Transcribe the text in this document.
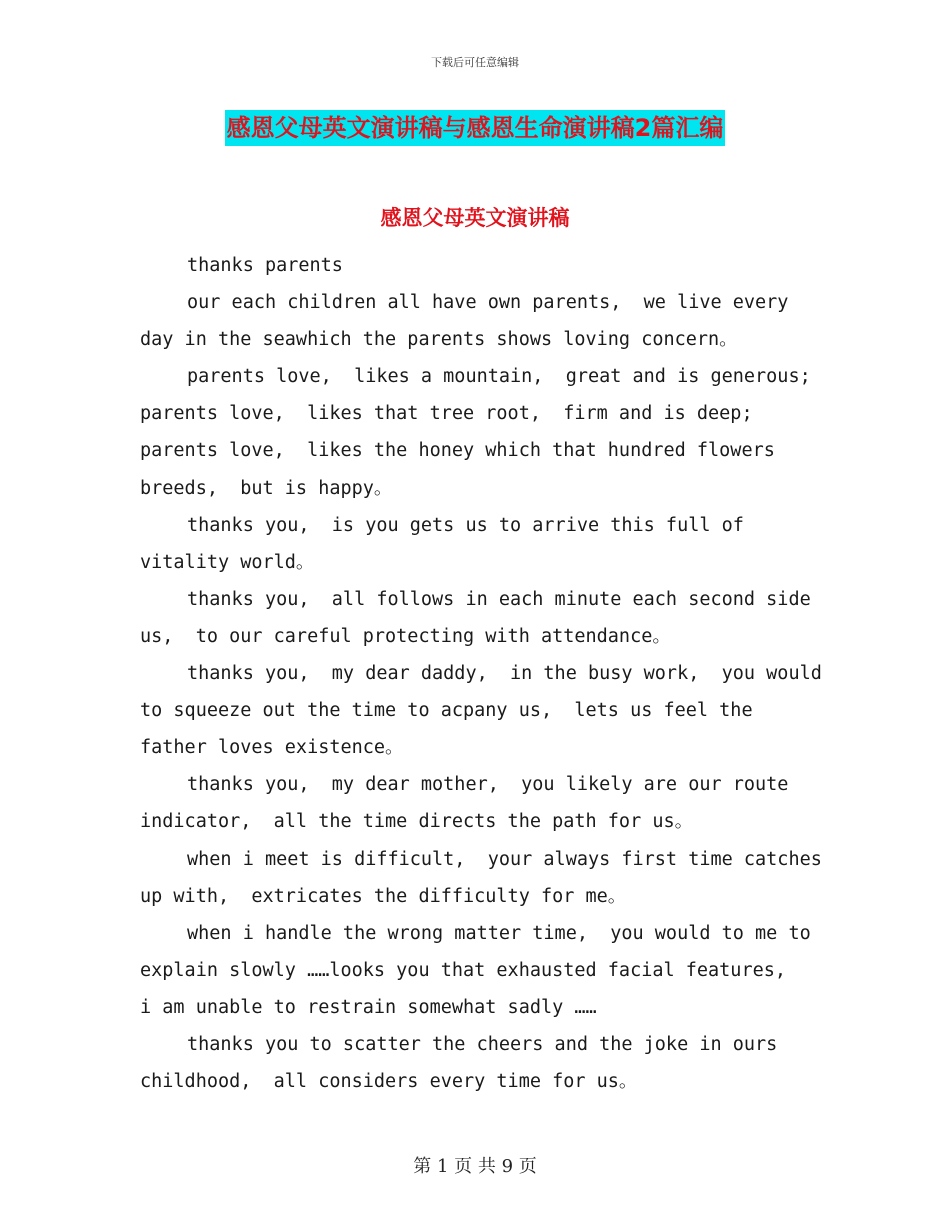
下载后可任意编辑
感恩父母英文演讲稿与感恩生命演讲稿2篇汇编
感恩父母英文演讲稿
thanks parents
our each children all have own parents,  we live every
day in the seawhich the parents shows loving concern。
parents love,  likes a mountain,  great and is generous;
parents love,  likes that tree root,  firm and is deep;
parents love,  likes the honey which that hundred flowers
breeds,  but is happy。
thanks you,  is you gets us to arrive this full of
vitality world。
thanks you,  all follows in each minute each second side
us,  to our careful protecting with attendance。
thanks you,  my dear daddy,  in the busy work,  you would
to squeeze out the time to acpany us,  lets us feel the
father loves existence。
thanks you,  my dear mother,  you likely are our route
indicator,  all the time directs the path for us。
when i meet is difficult,  your always first time catches
up with,  extricates the difficulty for me。
when i handle the wrong matter time,  you would to me to
explain slowly ……looks you that exhausted facial features,
i am unable to restrain somewhat sadly ……
thanks you to scatter the cheers and the joke in ours
childhood,  all considers every time for us。
第 1 页 共 9 页
